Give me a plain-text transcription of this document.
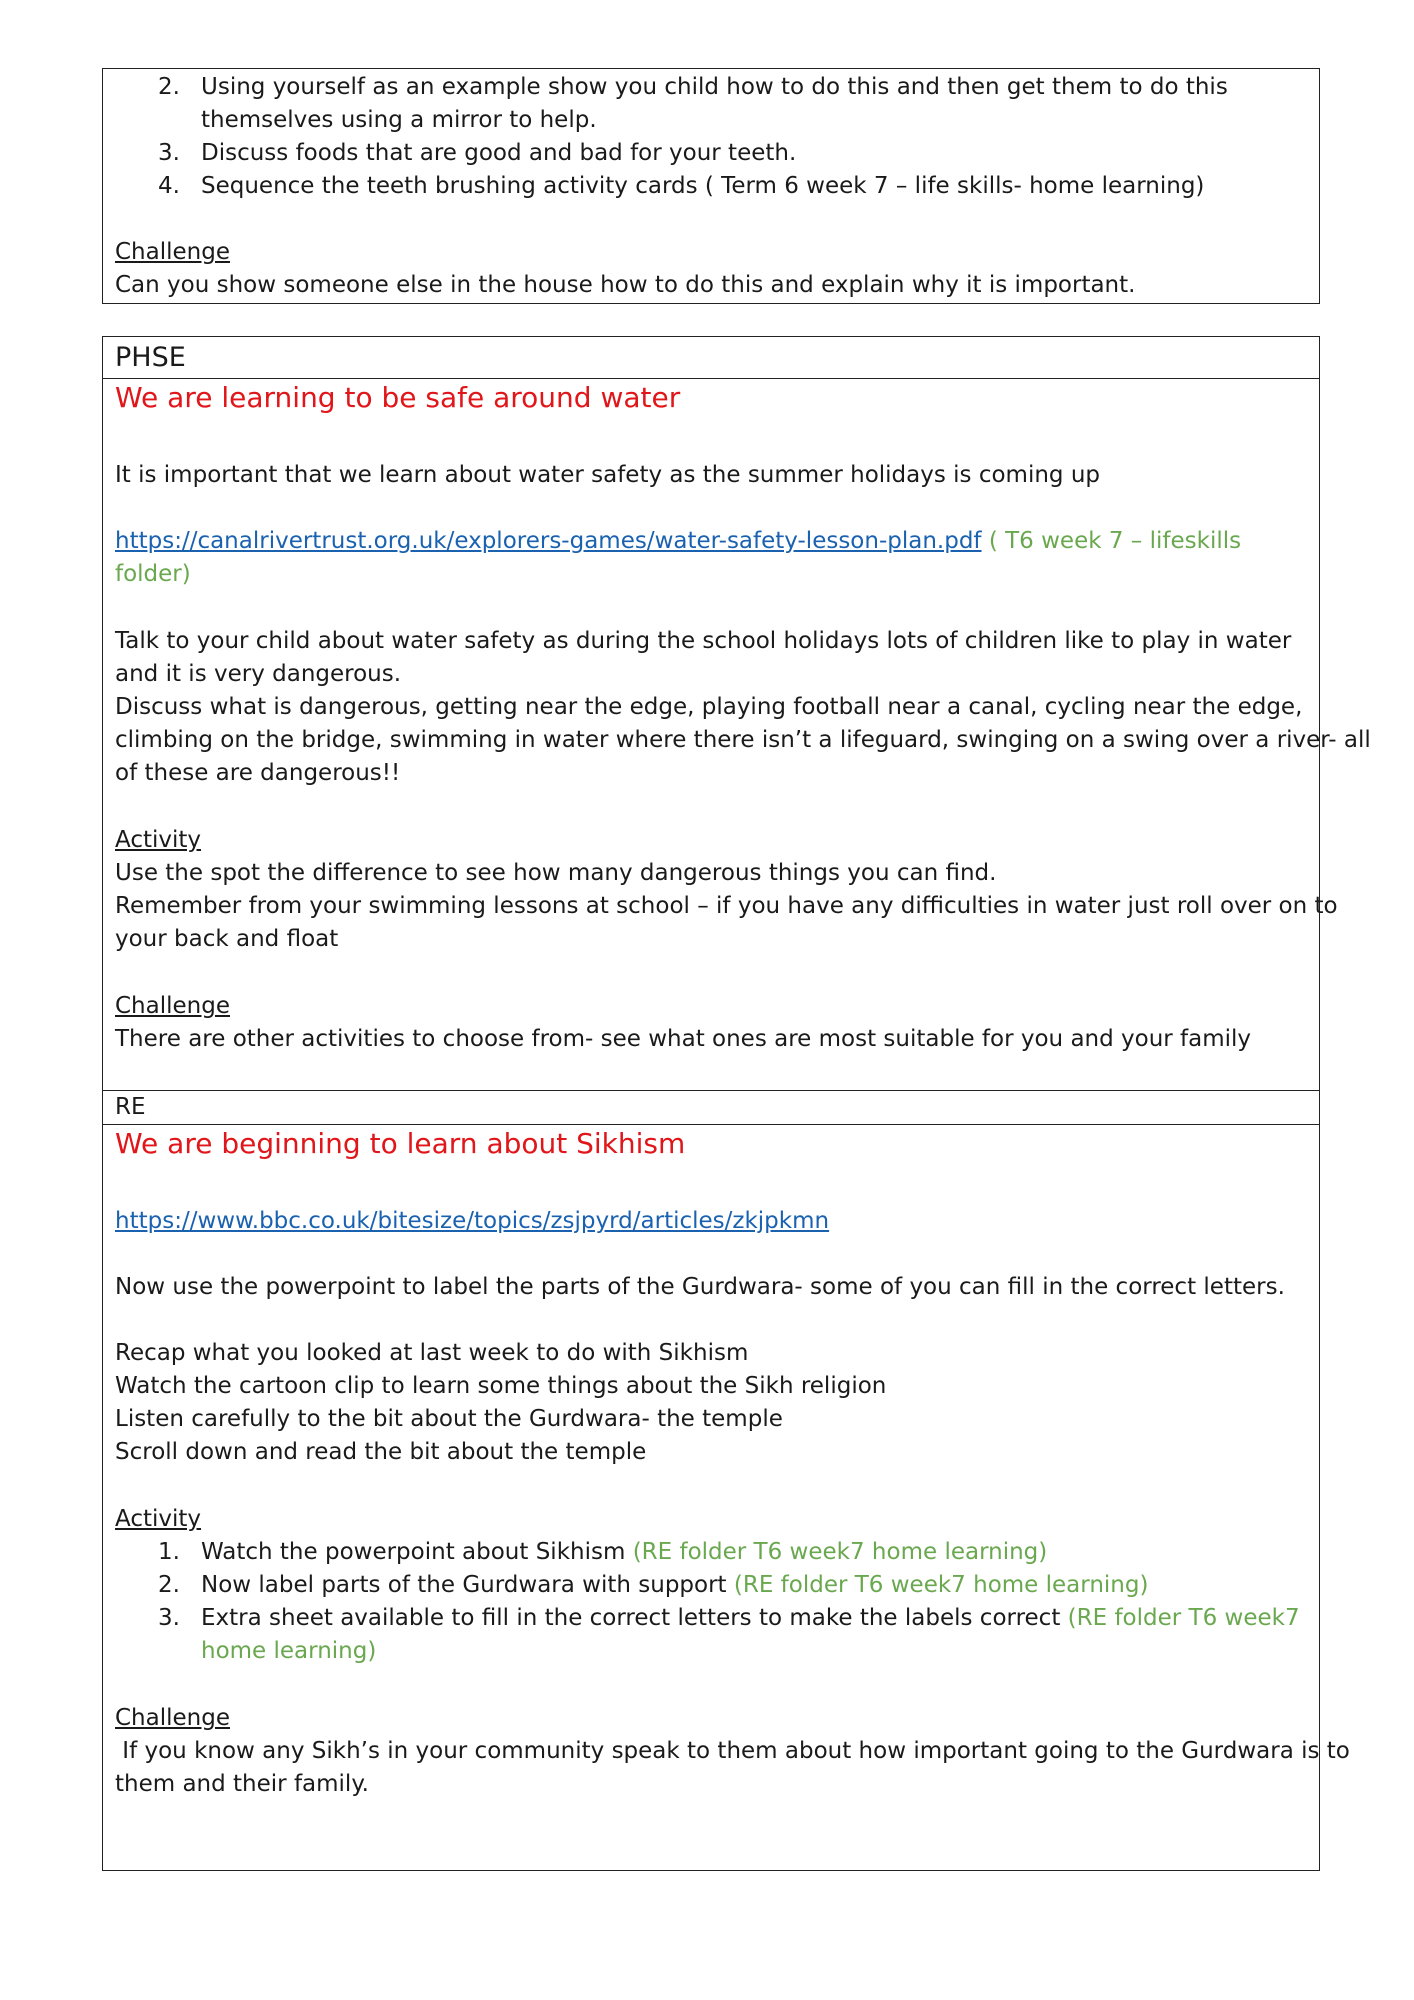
2. Using yourself as an example show you child how to do this and then get them to do this

themselves using a mirror to help.

3. Discuss foods that are good and bad for your teeth.

4. Sequence the teeth brushing activity cards ( Term 6 week 7 – life skills- home learning)

Challenge

Can you show someone else in the house how to do this and explain why it is important.

PHSE

We are learning to be safe around water

It is important that we learn about water safety as the summer holidays is coming up

https://canalrivertrust.org.uk/explorers-games/water-safety-lesson-plan.pdf ( T6 week 7 – lifeskills

folder)

Talk to your child about water safety as during the school holidays lots of children like to play in water

and it is very dangerous.

Discuss what is dangerous, getting near the edge, playing football near a canal, cycling near the edge,

climbing on the bridge, swimming in water where there isn’t a lifeguard, swinging on a swing over a river- all

of these are dangerous!!

Activity

Use the spot the difference to see how many dangerous things you can find.

Remember from your swimming lessons at school – if you have any difficulties in water just roll over on to

your back and float

Challenge

There are other activities to choose from- see what ones are most suitable for you and your family

RE

We are beginning to learn about Sikhism

https://www.bbc.co.uk/bitesize/topics/zsjpyrd/articles/zkjpkmn

Now use the powerpoint to label the parts of the Gurdwara- some of you can fill in the correct letters.

Recap what you looked at last week to do with Sikhism

Watch the cartoon clip to learn some things about the Sikh religion

Listen carefully to the bit about the Gurdwara- the temple

Scroll down and read the bit about the temple

Activity

1. Watch the powerpoint about Sikhism (RE folder T6 week7 home learning)

2. Now label parts of the Gurdwara with support (RE folder T6 week7 home learning)

3. Extra sheet available to fill in the correct letters to make the labels correct (RE folder T6 week7

home learning)

Challenge

If you know any Sikh’s in your community speak to them about how important going to the Gurdwara is to

them and their family.
